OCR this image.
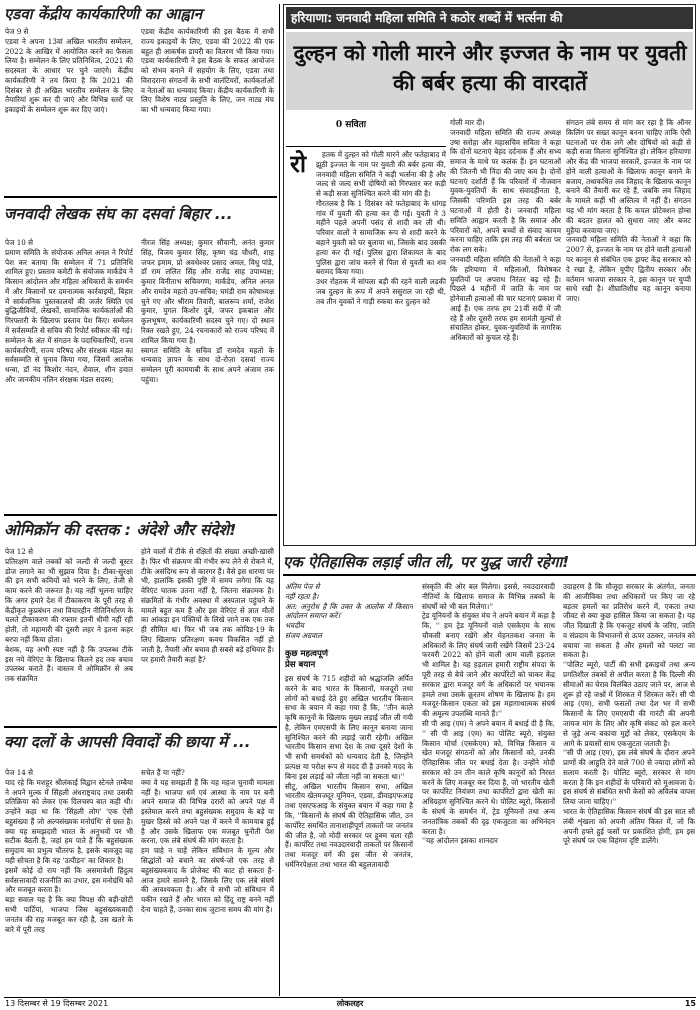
एडवा केंद्रीय कार्यकारिणी का आह्वान
पेज 9 से
एडवा ने अपना 13वां अखिल भारतीय सम्मेलन, 2022 के आखिर में आयोजित करने का फैसला लिया है। सम्मेलन के लिए प्रतिनिधित्व, 2021 की सदस्यता के आधार पर चुने जाएंगे। केंद्रीय कार्यकारिणी ने तय किया है कि 2021 की दिसंबर से ही अखिल भारतीय सम्मेलन के लिए तैयारियां शुरू कर दी जाएं और विभिन्न स्तरों पर इकाइयों के सम्मेलन शुरू कर दिए जाएं।
एडवा केंद्रीय कार्यकारिणी की इस बैठक में सभी राज्य इकाइयों के लिए, एडवा की 2022 की एक बहुत ही आकर्षक डायरी का वितरण भी किया गया। एडवा कार्यकारिणी ने इस बैठक के सफल आयोजन को संभव बनाने में सहयोग के लिए, एडवा तथा विरादराना संगठनों के सभी वालंटियरों, कार्यकर्ताओं व नेताओं का धन्यवाद किया। केंद्रीय कार्यकारिणी के लिए विशेष नाट्य प्रस्तुति के लिए, जन नाट्य मंच का भी धन्यवाद किया गया।
जनवादी लेखक संघ का दसवां बिहार ...
पेज 10 से
प्रमाण समिति के संयोजक अनिल अनल ने रिपोर्ट पेश कर बताया कि सम्मेलन में 71 प्रतिनिधि शामिल हुए। प्रस्ताव कमेटी के संयोजक मार्कंडेय ने किसान आंदोलन और महिला अधिकारों के समर्थन में और किसानों पर दमनात्मक कार्रवाइयों, बिहार में सार्वजनिक पुस्तकालयों की जर्जर स्थिति एवं बुद्धिजीवियों, लेखकों, सामाजिक कार्यकर्ताओं की गिरफ्तारी के खिलाफ प्रस्ताव पेश किए। सम्मेलन में सर्वसम्मति से सचिव की रिपोर्ट स्वीकार की गई।
सम्मेलन के अंत में संगठन के पदाधिकारियों, राज्य कार्यकारिणी, राज्य परिषद और संरक्षक मंडल का सर्वसम्मति से चुनाव किया गया, जिसमें आलोक धन्वा, डॉ नंद किशोर नंदन, शैवाल, शीन हयात और जानकीय नलिन संरक्षक मंडल सदस्य;
नीरज सिंह अध्यक्ष; कुमार सौवानी, अनंत कुमार सिंह, विजय कुमार सिंह, कृष्ण चंद्र चौधरी, शाह जफर इमाम, प्रो अवधेश्वर प्रसाद अमल, विधु पांडे, डॉ राम ललित सिंह और राजेंद्र साह उपाध्यक्ष; कुमार विनीताभ सचिवगण; मार्कंडेय, अनिल अनल और रामदेव महतो उप-सचिव; घमंडी राम कोषाध्यक्ष चुने गए और श्रीराम तिवारी, बालरूप शर्मा, राजेश कुमार, युगल किशोर दुबे, जफर इकबाल और कुलभूषण, कार्यकारिणी सदस्य चुने गए। दो स्थान रिक्त रखते हुए, 24 रचनाकारों को राज्य परिषद में शामिल किया गया है।
स्वागत समिति के सचिव डॉ रामदेव महतो के धन्यवाद ज्ञापन के साथ दो-रोज़ा दसवां राज्य सम्मेलन पूरी कामयाबी के साथ अपने अंजाम तक पहुंचा।
ओमिक्रॉन की दस्तक : अंदेशे और संदेशे!
पेज 12 से
प्रतिरक्षण वाले तबकों को जल्दी से जल्दी बूस्टर डोज लगाने का भी सुझाव दिया है। टीका-सुरक्षा की इन सभी कमियों को भरने के लिए, तेजी से काम करने की जरूरत है। यह नहीं भूलना चाहिए कि अगर हमारे देश में टीकाकरण के पूरी तरह से केंद्रीकृत कुप्रबंधन तथा विचारहीन नीतिनिर्धारण के चलते टीकाकरण की रफ्तार इतनी धीमी नहीं रही होती, तो महामारी की दूसरी लहर ने इतना कहर बरपा नहीं किया होता।
बेशक, यह अभी स्पष्ट नहीं है कि उपलब्ध टीके इस नये वेरिएंट के खिलाफ कितने हद तक बचाव उपलब्ध कराते हैं। वास्तव में ओमिक्रॉन से अब तक संक्रमित
होने वालों में टीके से रक्षितों की संख्या अच्छी-खासी है। फिर भी संक्रमण की गंभीर रूप लेने से रोकने में, टीके असंदिग्ध रूप से कारगर हैं। वैसे इस धारणा पर भी, हालांकि इसकी पुष्टि में समय लगेगा कि यह वेरिएंट घातक उतना नहीं है, जितना संक्रामक है। संक्रमितों के गंभीर अवस्था में अस्पताल पहुंचने के मामले बहुत कम हैं और इस वेरिएंट से ज्ञात मौतों का आंकड़ा इन पंक्तियों के लिखे जाने तक एक तक ही सीमित था। फिर भी जब तक कोविड-19 के लिए खिलाफ प्रतिरक्षण कवच विकसित नहीं हो जाती है, तैयारी और बचाव ही सबसे बड़े हथियार हैं। पर हमारी तैयारी कहां है?
क्या दलों के आपसी विवादों की छाया में ...
पेज 14 से
याद रहे कि मशहूर श्रीलंकाई विद्वान स्टेनले तम्बैया ने अपने मुल्क में सिंहली अंधराष्ट्रवाद तथा उसकी प्रतिक्रिया को लेकर एक दिलचस्प बात कही थी। उन्होंने कहा था कि 'सिंहली लोग' 'एक ऐसी बहुसंख्या हैं जो अल्पसंख्यक मनोग्रंथि' से ग्रस्त है। क्या यह समझदारी भारत के अनुभवों पर भी सटीक बैठती है, जहां हम पाते हैं कि बहुसंख्यक समुदाय का प्रभुत्व चौतरफ है, इसके बावजूद वह यही सोचता है कि वह 'उत्पीड़न' का शिकार है।
इसमें कोई दो राय नहीं कि असमावेशी हिंदुत्व सर्वसत्तावादी राजनीति का उभार, इस मनोग्रंथि को और मजबूत करता है।
बड़ा सवाल यह है कि क्या विपक्ष की बड़ी-छोटी सभी पार्टियां, भाजपा जिस बहुसंख्यकवादी जनतंत्र की राह मजबूत कर रही है, उस खतरे के बारे में पूरी तरह
सचेत हैं या नहीं?
क्या वे यह समझती हैं कि यह महज चुनावी मामला नहीं है। भाजपा धर्म एवं आस्था के नाम पर बनी अपने समाज की विभिन्न दरारों को अपने पक्ष में इस्तेमाल करने तथा बहुसंख्यक समुदाय के बड़े या मुखर हिस्से को अपने पक्ष में करने में कामयाब हुई है और उसके खिलाफ एक मजबूत चुनौती पेश करना, एक लंबे संघर्ष की मांग करता है।
हम चाहे न चाहें लेकिन संविधान के मूल्य और सिद्धांतों को बचाने का संघर्ष-जो एक तरह से बहुसंख्यकवाद के प्रोजेक्ट की काट हो सकता है- आज हमारे सामने है, जिसके लिए एक लंबे संघर्ष की आवश्यकता है। और ये सभी जो संविधान में यकीन रखते हैं और भारत को हिंदू राष्ट्र बनने नहीं देना चाहते हैं, उनका साथ जुटाना समय की मांग है।
हरियाणा: जनवादी महिला समिति ने कठोर शब्दों में भर्त्सना की
दुल्हन को गोली मारने और इज्जत के नाम पर युवती की बर्बर हत्या की वारदातें
0 सविता
रो	हतक में दुल्हन को गोली मारने और फतेहाबाद में झूठी इज्जत के नाम पर युवती की बर्बर हत्या की, जनवादी महिला समिति ने कड़ी भर्त्सना की है और जल्द से जल्द सभी दोषियों को गिरफ्तार कर कड़ी से कड़ी सजा सुनिश्चित करने की मांग की है।
गौरतलब है कि 1 दिसंबर को फतेहाबाद के धांगड़ गांव में युवती की हत्या कर दी गई। युवती ने 3 महीने पहले अपनी पसंद से शादी कर ली थी। परिवार वालों ने सामाजिक रूप से शादी करने के बहाने युवती को घर बुलाया था, जिसके बाद उसकी हत्या कर दी गई। पुलिस द्वारा शिकायत के बाद पुलिस द्वारा जांच करने से पिता से युवती का शव बरामद किया गया।
उधर रोहतक में सांपला बड़ी की रहने वाली लड़की जब दुल्हन के रूप में अपने ससुराल जा रही थी, तब तीन युवकों ने गाड़ी रुकवा कर दुल्हन को
गोली मार दी।
जनवादी महिला समिति की राज्य अध्यक्ष उषा सरोहा और महासचिव सविता ने कहा कि दोनों घटनाएं बेहद दर्दनाक हैं और सभ्य समाज के माथे पर कलंक हैं। इन घटनाओं की जितनी भी निंदा की जाए कम है। दोनों घटनाएं दर्शाती हैं कि परिवारों में नौजवान युवक-युवतियों के साथ संवादहीनता है, जिसकी परिणति इस तरह की बर्बर घटनाओं में होती है। जनवादी महिला समिति आह्वान करती है कि समाज और परिवारों को, अपने बच्चों से संवाद कायम करना चाहिए ताकि इस तरह की बर्बरता पर रोक लग सके।
जनवादी महिला समिति की नेताओं ने कहा कि हरियाणा में महिलाओं, विशेषकर युवतियों पर अपराध निरंतर बढ़ रहे हैं। पिछले 4 महीनों में जाति के नाम पर होनेवाली हत्याओं की चार घटनाएं प्रकाश में आई हैं। एक तरफ हम 21वीं सदी में जी रहे हैं और दूसरी तरफ हम सामंती मूल्यों से संचालित होकर, युवक-युवतियों के नागरिक अधिकारों को कुचल रहे हैं।
संगठन लंबे समय से मांग कर रहा है कि ऑनर किलिंग पर सख्त कानून बनना चाहिए ताकि ऐसी घटनाओं पर रोक लगे और दोषियों को कड़ी से कड़ी सजा मिलना सुनिश्चित हो। लेकिन हरियाणा और केंद्र की भाजपा सरकारें, इज्जत के नाम पर होने वाली हत्याओं के खिलाफ कानून बनाने के बजाय, तथाकथित लव जिहाद के खिलाफ कानून बनाने की तैयारी कर रहे हैं, जबकि लव जिहाद के मामले कहीं भी अस्तित्व में नहीं हैं। संगठन यह भी मांग करता है कि कपल प्रोटेक्शन होम्स की बदतर हालत को सुधारा जाए और बजट मुहैया करवाया जाए।
जनवादी महिला समिति की नेताओं ने कहा कि 2007 से, इज्जत के नाम पर होने वाली हत्याओं पर कानून से संबंधित एक ड्राफ्ट केंद्र सरकार को दे रखा है, लेकिन यूपीए द्वितीय सरकार और वर्तमान भाजपा सरकार ने, इस कानून पर चुप्पी साधे रखी है। शीघ्रातिशीघ्र यह कानून बनाया जाए।
एक ऐतिहासिक लड़ाई जीत ली, पर युद्ध जारी रहेगा!
अंतिम पेज से
नहीं रहता है।
अत: अनुरोध है कि उक्त के आलोक में किसान आंदोलन समाप्त करें।'
भवदीय
संजय अग्रवाल
कुछ महत्वपूर्ण
प्रेस बयान
इस संघर्ष के 715 शहीदों को श्रद्धांजलि अर्पित करने के बाद भारत के किसानों, मजदूरों तथा लोगों को बधाई देते हुए अखिल भारतीय किसान सभा के बयान में कहा गया है कि, ''तीन काले कृषि कानूनों के खिलाफ मुख्य लड़ाई जीत ली गयी है, लेकिन एमएसपी के लिए कानून बनाया जाना सुनिश्चित करने की लड़ाई जारी रहेगी। अखिल भारतीय किसान सभा देश के तथा दूसरे देशों के भी सभी समर्थकों को धन्यवाद देती है, जिन्होंने प्रत्यक्ष या परोक्ष रूप से मदद दी है उनको मदद के बिना इस लड़ाई को जीता नहीं जा सकता था।''
सीटू, अखिल भारतीय किसान सभा, अखिल भारतीय खेतमजदूर यूनियन, एडवा, डीवाइएफआइ तथा एसएफआइ के संयुक्त बयान में कहा गया है कि, ''किसानों के संघर्ष की ऐतिहासिक जीत, उन कार्पोरेट समर्थित तानाशाहीपूर्ण ताकतों पर जनतंत्र की जीत है, जो मोदी सरकार पर हुक्म चला रही हैं। कार्पोरेट तथा नवउदारवादी ताकतों पर किसानों तथा मजदूर वर्ग की इस जीत से जनतंत्र, धर्मनिरपेक्षता तथा भारत की बहुलतावादी
संस्कृति की ओर बल मिलेगा। इससे, नवउदारवादी नीतियों के खिलाफ समाज के विभिन्न तबकों के संघर्षों को भी बल मिलेगा।''
ट्रेड यूनियनों के संयुक्त मंच ने अपने बयान में कहा है कि, '' हम ट्रेड यूनियनों वाले एसकेएम के साथ चौकसी बनाए रखेंगे और मेहनतकश जनता के अधिकारों के लिए संघर्ष जारी रखेंगे जिसमें 23-24 फरवरी 2022 को होने वाली आम वाली हड़ताल भी शामिल है। यह हड़ताल हमारी राष्ट्रीय संपदा के पूरी तरह से बेचे जाने और कार्पोरेटों को चाकर केंद्र सरकार द्वारा मजदूर वर्ग के अधिकारों पर भयानक हमले तथा उसके क्रूरतम शोषण के खिलाफ है। हम मजदूर-किसान एकता को इस महागाथात्मक संघर्ष की अमूल्य उपलब्धि मानते हैं।''
सी पी आइ (एम) ने अपने बयान में बधाई दी है कि, '' सी पी आइ (एम) का पोलिट ब्यूरो, संयुक्त किसान मोर्चा (एसकेएम) को, विभिन्न किसान व खेत मजदूर संगठनों को और किसानों को, उनकी ऐतिहासिक जीत पर बधाई देता है। उन्होंने मोदी सरकार को उन तीन काले कृषि कानूनों को निरस्त करने के लिए मजबूर कर दिया है, जो भारतीय खेती पर कार्पोरेट नियंत्रण तथा कार्पोरेटों द्वारा खेती का अधिग्रहण सुनिश्चित करने थे। पोलिट ब्यूरो, किसानों के संघर्ष के समर्थन में, ट्रेड यूनियनों तथा अन्य जनतांत्रिक तबकों की दृढ़ एकजुटता का अभिनंदन करता है।
''यह आंदोलन इसका शानदार
उदाहरण है कि मौजूदा सरकार के अंतर्गत, जनता की आजीविका तथा अधिकारों पर किए जा रहे बड़तर हमलों का प्रतिरोध करने में, एकता तथा जीवट से क्या कुछ हासिल किया जा सकता है। यह जीत दिखाती है कि एकजुट संघर्ष के जरिए, जाति व संप्रदाय के विभाजनों से ऊपर उठकर, जनतंत्र को बचाया जा सकता है और हमलों को पलटा जा सकता है।
''पोलिट ब्यूरो, पार्टी की सभी इकाइयों तथा अन्य प्रगतिशील तबकों से अपील करता है कि दिल्ली की सीमाओं का घेराव विलंबित उठाए जाने पर, आज से शुरू हो रहे जश्नों में शिरकत में शिरकत करें। सी पी आइ (एम), सभी फसलों तथा देश भर में सभी किसानों के लिए एमएसपी की गारंटी की अपनी जायज मांग के लिए और कृषि संकट को हल करने से जुड़े अन्य बकाया मुद्दों को लेकर, एसकेएम के आगे के प्रयासों साथ एकजुटता जताती है।
''सी पी आइ (एम), इस लंबे संघर्ष के दौरान अपने प्राणों की आहुति देने वाले 700 से ज्यादा लोगों को सलाम करती है। पोलिट ब्यूरो, सरकार से मांग करता है कि इन शहीदों के परिवारों को मुआवजा दे। इस संघर्ष से संबंधित सभी केसों को अविलंब वापस लिया जाना चाहिए।''
भारत के ऐतिहासिक किसान संघर्ष की इस सात सौ लंबी शृंखला को अपनी अंतिम किस्त में, जो कि अपनी हफ्ते हुई फसों पर प्रकाशित होगी, हम इस पूरे संघर्ष पर एक विहंगम दृष्टि डालेंगे।
13 दिसम्बर से 19 दिसम्बर 2021	लोकलहर	15
